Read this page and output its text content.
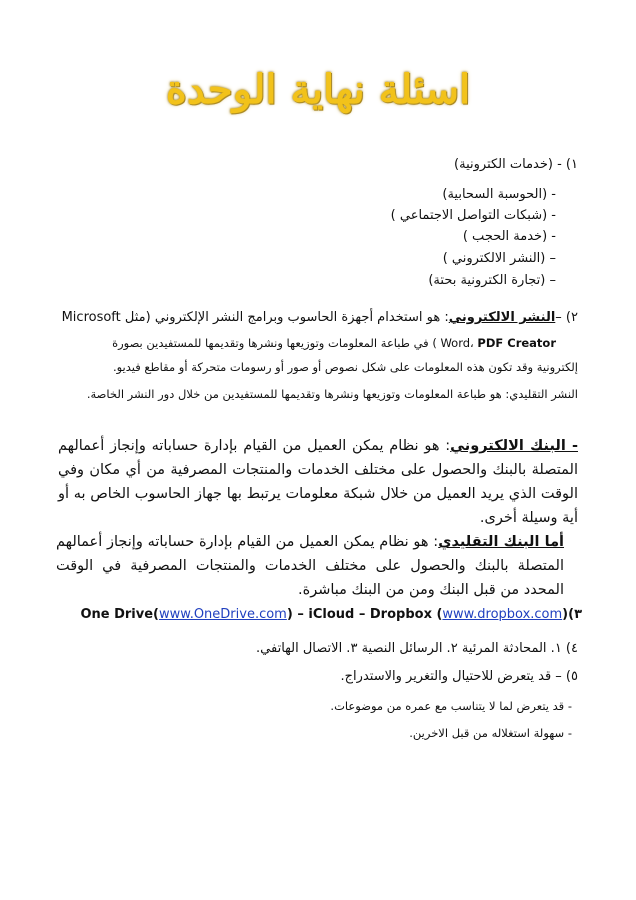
اسئلة نهاية الوحدة
١) - (خدمات الكترونية)
- (الحوسبة السحابية)
- (شبكات التواصل الاجتماعي )
- (خدمة الحجب )
– (النشر الالكتروني )
– (تجارة الكترونية بحتة)
٢) –النشر الالكتروني: هو استخدام أجهزة الحاسوب وبرامج النشر الإلكتروني (مثل Microsoft
Word، PDF Creator ) في طباعة المعلومات وتوزيعها ونشرها وتقديمها للمستفيدين بصورة
إلكترونية وقد تكون هذه المعلومات على شكل نصوص أو صور أو رسومات متحركة أو مقاطع فيديو.
النشر التقليدي: هو طباعة المعلومات وتوزيعها ونشرها وتقديمها للمستفيدين من خلال دور النشر الخاصة.
- البنك الالكتروني: هو نظام يمكن العميل من القيام بإدارة حساباته وإنجاز أعمالهم المتصلة بالبنك والحصول على مختلف الخدمات والمنتجات المصرفية من أي مكان وفي الوقت الذي يريد العميل من خلال شبكة معلومات يرتبط بها جهاز الحاسوب الخاص به أو أية وسيلة أخرى.
أما البنك التقليدي: هو نظام يمكن العميل من القيام بإدارة حساباته وإنجاز أعمالهم المتصلة بالبنك والحصول على مختلف الخدمات والمنتجات المصرفية في الوقت المحدد من قبل البنك ومن من البنك مباشرة.
٣)(One Drive(www.OneDrive.com) – iCloud – Dropbox (www.dropbox.com
٤) ١. المحادثة المرئية ٢. الرسائل النصية ٣. الاتصال الهاتفي.
٥) – قد يتعرض للاحتيال والتغرير والاستدراج.
- قد يتعرض لما لا يتناسب مع عمره من موضوعات.
- سهولة استغلاله من قبل الاخرين.
